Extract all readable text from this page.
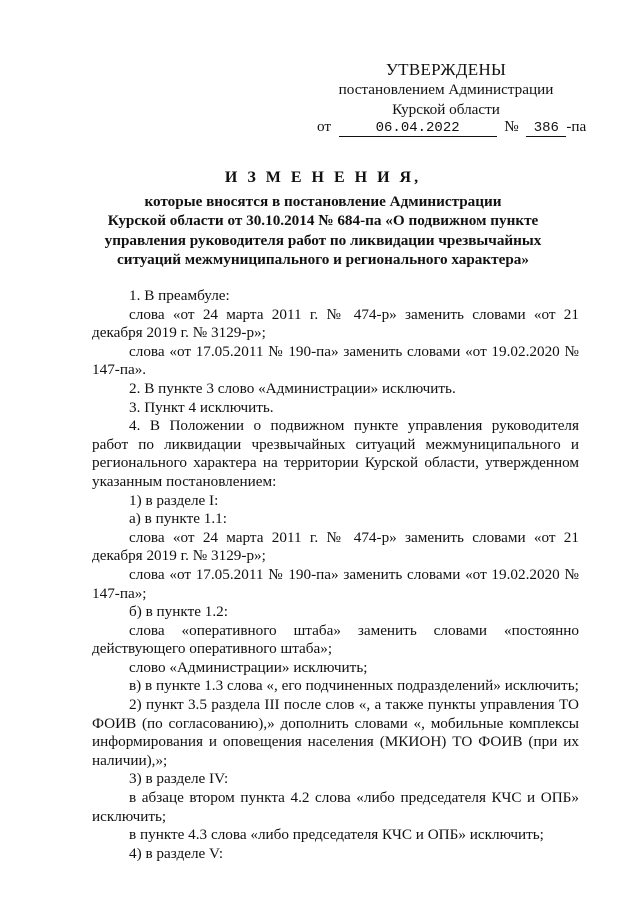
УТВЕРЖДЕНЫ
постановлением Администрации
Курской области
от	06.04.2022	№ 386 -па
И З М Е Н Е Н И Я,
которые вносятся в постановление Администрации
Курской области от 30.10.2014 № 684-па «О подвижном пункте
управления руководителя работ по ликвидации чрезвычайных
ситуаций межмуниципального и регионального характера»

1. В преамбуле:

слова «от 24 марта 2011 г. № 474-р» заменить словами «от 21 декабря 2019 г. № 3129-р»;

слова «от 17.05.2011 № 190-па» заменить словами «от 19.02.2020 № 147-па».

2. В пункте 3 слово «Администрации» исключить.

3. Пункт 4 исключить.

4. В Положении о подвижном пункте управления руководителя работ по ликвидации чрезвычайных ситуаций межмуниципального и регионального характера на территории Курской области, утвержденном указанным постановлением:

1) в разделе I:

а) в пункте 1.1:

слова «от 24 марта 2011 г. № 474-р» заменить словами «от 21 декабря 2019 г. № 3129-р»;

слова «от 17.05.2011 № 190-па» заменить словами «от 19.02.2020 № 147-па»;

б) в пункте 1.2:

слова «оперативного штаба» заменить словами «постоянно действующего оперативного штаба»;

слово «Администрации» исключить;

в) в пункте 1.3 слова «, его подчиненных подразделений» исключить;

2) пункт 3.5 раздела III после слов «, а также пункты управления ТО ФОИВ (по согласованию),» дополнить словами «, мобильные комплексы информирования и оповещения населения (МКИОН) ТО ФОИВ (при их наличии),»;

3) в разделе IV:

в абзаце втором пункта 4.2 слова «либо председателя КЧС и ОПБ» исключить;

в пункте 4.3 слова «либо председателя КЧС и ОПБ» исключить;

4) в разделе V:
